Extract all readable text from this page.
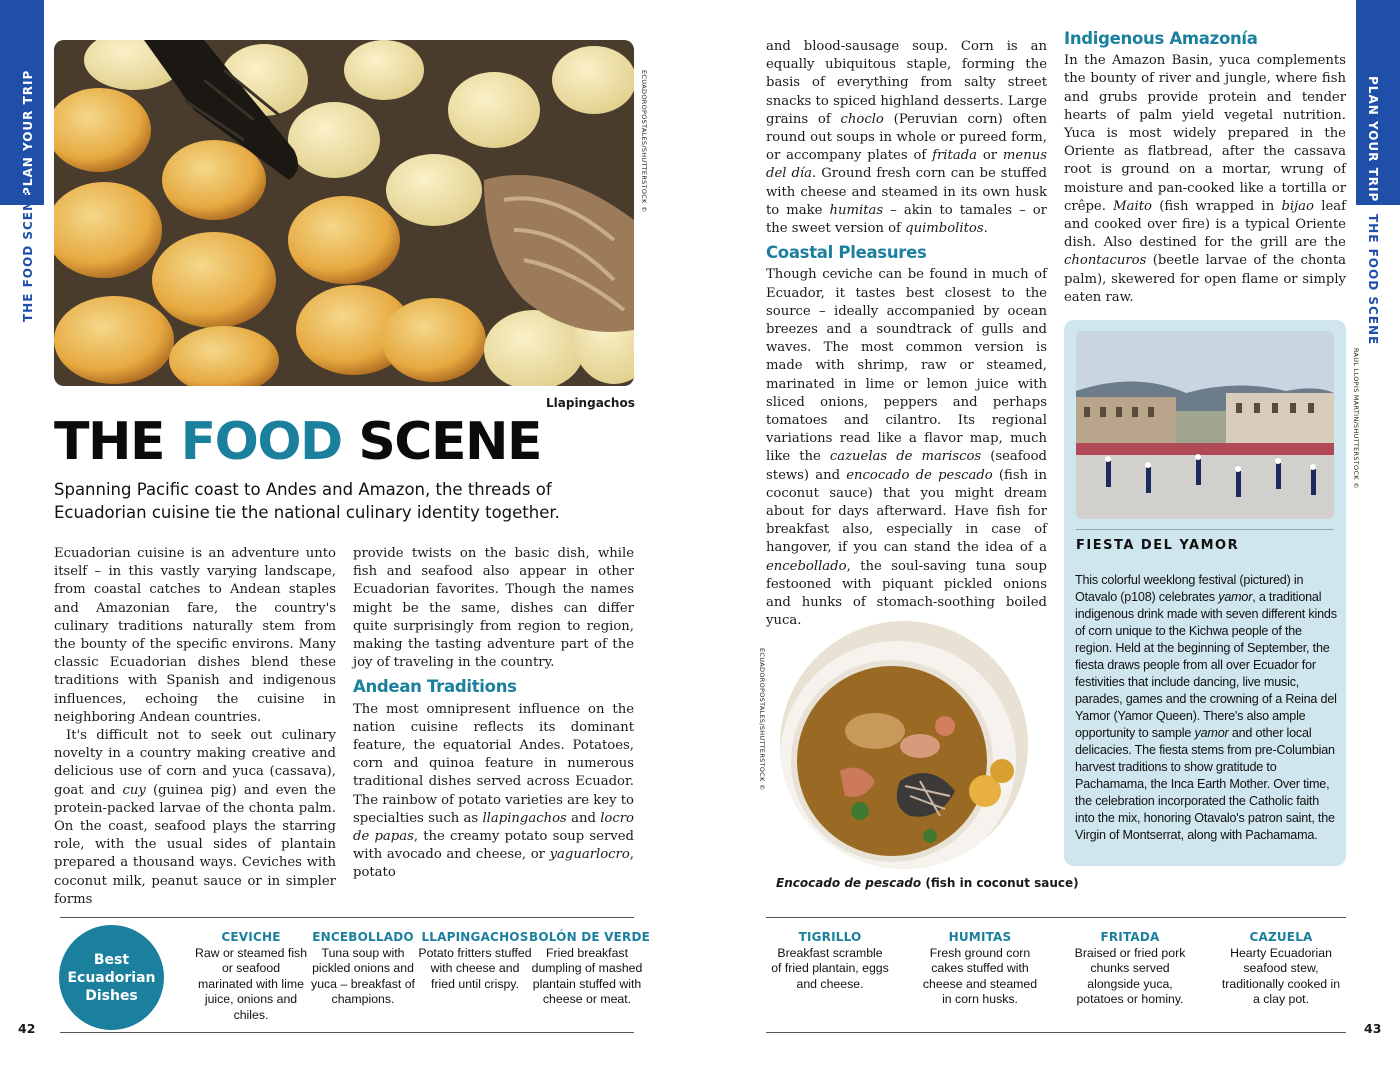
PLAN YOUR TRIP
THE FOOD SCENE
PLAN YOUR TRIP
THE FOOD SCENE
ECUADOROPOSTALES/SHUTTERSTOCK ©
Llapingachos
THE FOOD SCENE
Spanning Pacific coast to Andes and Amazon, the threads of Ecuadorian cuisine tie the national culinary identity together.

Ecuadorian cuisine is an adventure unto itself – in this vastly varying landscape, from coastal catches to Andean staples and Amazonian fare, the country's culinary traditions naturally stem from the bounty of the specific environs. Many classic Ecuadorian dishes blend these traditions with Spanish and indigenous influences, echoing the cuisine in neighboring Andean countries.

It's difficult not to seek out culinary novelty in a country making creative and delicious use of corn and yuca (cassava), goat and cuy (guinea pig) and even the protein-packed larvae of the chonta palm. On the coast, seafood plays the starring role, with the usual sides of plantain prepared a thousand ways. Ceviches with coconut milk, peanut sauce or in simpler forms

provide twists on the basic dish, while fish and seafood also appear in other Ecuadorian favorites. Though the names might be the same, dishes can differ quite surprisingly from region to region, making the tasting adventure part of the joy of traveling in the country.

Andean Traditions

The most omnipresent influence on the nation cuisine reflects its dominant feature, the equatorial Andes. Potatoes, corn and quinoa feature in numerous traditional dishes served across Ecuador. The rainbow of potato varieties are key to specialties such as llapingachos and locro de papas, the creamy potato soup served with avocado and cheese, or yaguarlocro, potato

and blood-sausage soup. Corn is an equally ubiquitous staple, forming the basis of everything from salty street snacks to spiced highland desserts. Large grains of choclo (Peruvian corn) often round out soups in whole or pureed form, or accompany plates of fritada or menus del día. Ground fresh corn can be stuffed with cheese and steamed in its own husk to make humitas – akin to tamales – or the sweet version of quimbolitos.

Coastal Pleasures

Though ceviche can be found in much of Ecuador, it tastes best closest to the source – ideally accompanied by ocean breezes and a soundtrack of gulls and waves. The most common version is made with shrimp, raw or steamed, marinated in lime or lemon juice with sliced onions, peppers and perhaps tomatoes and cilantro. Its regional variations read like a flavor map, much like the cazuelas de mariscos (seafood stews) and encocado de pescado (fish in coconut sauce) that you might dream about for days afterward. Have fish for breakfast also, especially in case of hangover, if you can stand the idea of a encebollado, the soul-saving tuna soup festooned with piquant pickled onions and hunks of stomach-soothing boiled yuca.

Indigenous Amazonía

In the Amazon Basin, yuca complements the bounty of river and jungle, where fish and grubs provide protein and tender hearts of palm yield vegetal nutrition. Yuca is most widely prepared in the Oriente as flatbread, after the cassava root is ground on a mortar, wrung of moisture and pan-cooked like a tortilla or crêpe. Maito (fish wrapped in bijao leaf and cooked over fire) is a typical Oriente dish. Also destined for the grill are the chontacuros (beetle larvae of the chonta palm), skewered for open flame or simply eaten raw.

RAUL LLOPIS MARTIN/SHUTTERSTOCK ©
FIESTA DEL YAMOR
This colorful weeklong festival (pictured) in Otavalo (p108) celebrates yamor, a traditional indigenous drink made with seven different kinds of corn unique to the Kichwa people of the region. Held at the beginning of September, the fiesta draws people from all over Ecuador for festivities that include dancing, live music, parades, games and the crowning of a Reina del Yamor (Yamor Queen). There's also ample opportunity to sample yamor and other local delicacies. The fiesta stems from pre-Columbian harvest traditions to show gratitude to Pachamama, the Inca Earth Mother. Over time, the celebration incorporated the Catholic faith into the mix, honoring Otavalo's patron saint, the Virgin of Montserrat, along with Pachamama.
ECUADOROPOSTALES/SHUTTERSTOCK ©
Encocado de pescado (fish in coconut sauce)
Best Ecuadorian Dishes
CEVICHE
Raw or steamed fish or seafood marinated with lime juice, onions and chiles.
ENCEBOLLADO
Tuna soup with pickled onions and yuca – breakfast of champions.
LLAPINGACHOS
Potato fritters stuffed with cheese and fried until crispy.
BOLÓN DE VERDE
Fried breakfast dumpling of mashed plantain stuffed with cheese or meat.
TIGRILLO
Breakfast scramble of fried plantain, eggs and cheese.
HUMITAS
Fresh ground corn cakes stuffed with cheese and steamed in corn husks.
FRITADA
Braised or fried pork chunks served alongside yuca, potatoes or hominy.
CAZUELA
Hearty Ecuadorian seafood stew, traditionally cooked in a clay pot.
42	43
